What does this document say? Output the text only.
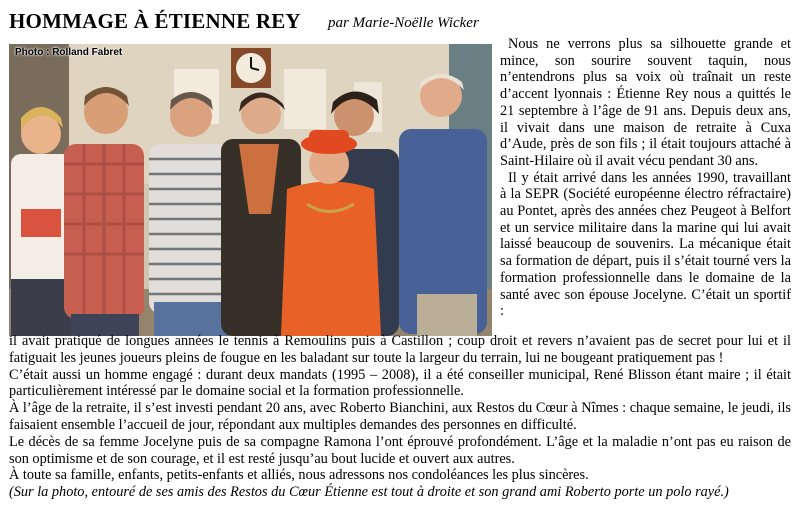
HOMMAGE À ÉTIENNE REY par Marie-Noëlle Wicker
Photo : Rolland Fabret

Nous ne verrons plus sa silhouette grande et mince, son sourire souvent taquin, nous n’entendrons plus sa voix où traînait un reste d’accent lyonnais : Étienne Rey nous a quittés le 21 septembre à l’âge de 91 ans. Depuis deux ans, il vivait dans une maison de retraite à Cuxa d’Aude, près de son fils ; il était toujours attaché à Saint-Hilaire où il avait vécu pendant 30 ans.

Il y était arrivé dans les années 1990, travaillant à la SEPR (Société européenne électro réfractaire) au Pontet, après des années chez Peugeot à Belfort et un service militaire dans la marine qui lui avait laissé beaucoup de souvenirs. La mécanique était sa formation de départ, puis il s’était tourné vers la formation professionnelle dans le domaine de la santé avec son épouse Jocelyne. C’était un sportif :

il avait pratiqué de longues années le tennis à Remoulins puis à Castillon ; coup droit et revers n’avaient pas de secret pour lui et il fatiguait les jeunes joueurs pleins de fougue en les baladant sur toute la largeur du terrain, lui ne bougeant pratiquement pas !

C’était aussi un homme engagé : durant deux mandats (1995 – 2008), il a été conseiller municipal, René Blisson étant maire ; il était particulièrement intéressé par le domaine social et la formation professionnelle.

À l’âge de la retraite, il s’est investi pendant 20 ans, avec Roberto Bianchini, aux Restos du Cœur à Nîmes : chaque semaine, le jeudi, ils faisaient ensemble l’accueil de jour, répondant aux multiples demandes des personnes en difficulté.

Le décès de sa femme Jocelyne puis de sa compagne Ramona l’ont éprouvé profondément. L’âge et la maladie n’ont pas eu raison de son optimisme et de son courage, et il est resté jusqu’au bout lucide et ouvert aux autres.

À toute sa famille, enfants, petits-enfants et alliés, nous adressons nos condoléances les plus sincères.

(Sur la photo, entouré de ses amis des Restos du Cœur Étienne est tout à droite et son grand ami Roberto porte un polo rayé.)
